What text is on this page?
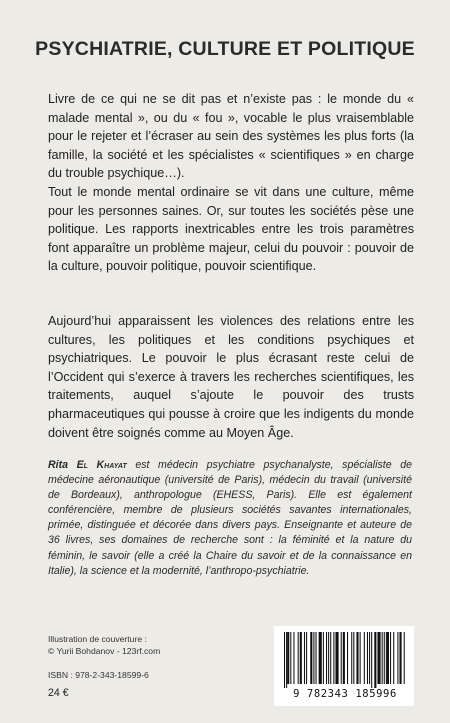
PSYCHIATRIE, CULTURE ET POLITIQUE
Livre de ce qui ne se dit pas et n’existe pas : le monde du « malade mental », ou du « fou », vocable le plus vraisemblable pour le rejeter et l’écraser au sein des systèmes les plus forts (la famille, la société et les spécialistes « scientifiques » en charge du trouble psychique…).
Tout le monde mental ordinaire se vit dans une culture, même pour les personnes saines. Or, sur toutes les sociétés pèse une politique. Les rapports inextricables entre les trois paramètres font apparaître un problème majeur, celui du pouvoir : pouvoir de la culture, pouvoir politique, pouvoir scientifique.
Aujourd’hui apparaissent les violences des relations entre les cultures, les politiques et les conditions psychiques et psychiatriques. Le pouvoir le plus écrasant reste celui de l’Occident qui s’exerce à travers les recherches scientifiques, les traitements, auquel s’ajoute le pouvoir des trusts pharmaceutiques qui pousse à croire que les indigents du monde doivent être soignés comme au Moyen Âge.
Rita El Khayat est médecin psychiatre psychanalyste, spécialiste de médecine aéronautique (université de Paris), médecin du travail (université de Bordeaux), anthropologue (EHESS, Paris). Elle est également conférencière, membre de plusieurs sociétés savantes internationales, primée, distinguée et décorée dans divers pays. Enseignante et auteure de 36 livres, ses domaines de recherche sont : la féminité et la nature du féminin, le savoir (elle a créé la Chaire du savoir et de la connaissance en Italie), la science et la modernité, l’anthropo-psychiatrie.
Illustration de couverture :
© Yurii Bohdanov - 123rf.com
ISBN : 978-2-343-18599-6
24 €	9 782343 185996
